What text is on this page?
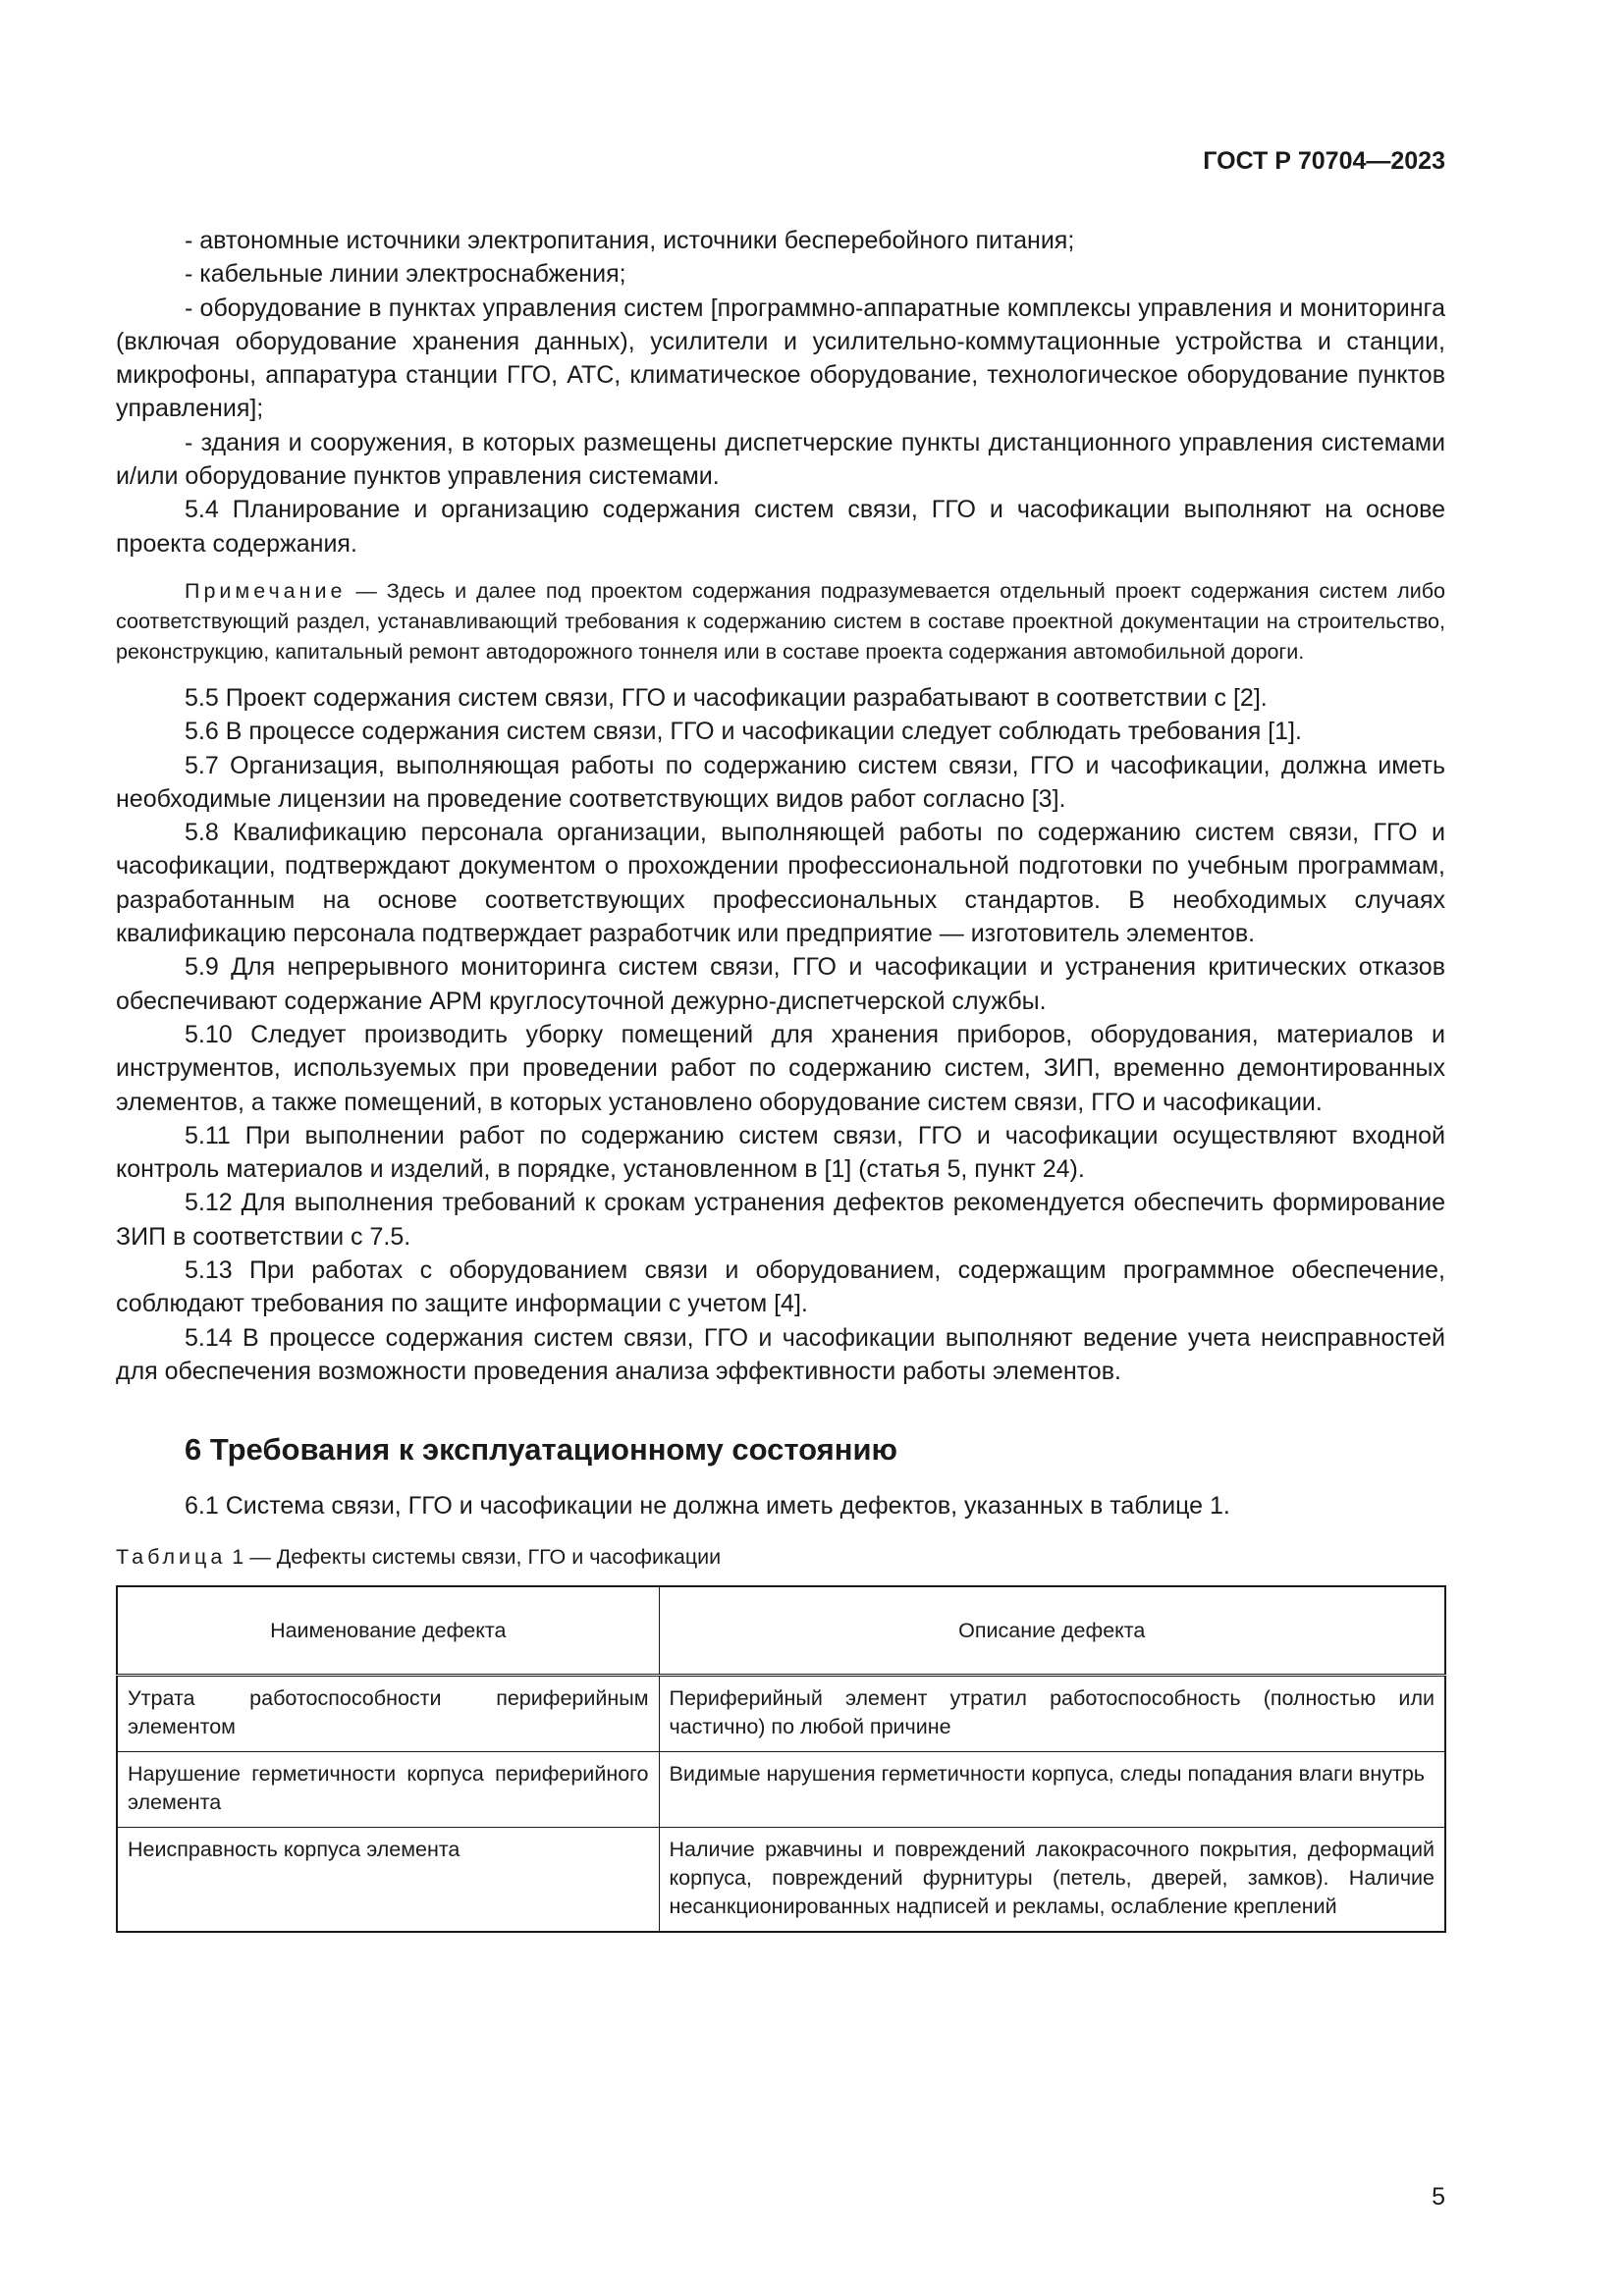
ГОСТ Р 70704—2023

- автономные источники электропитания, источники бесперебойного питания;

- кабельные линии электроснабжения;

- оборудование в пунктах управления систем [программно-аппаратные комплексы управления и мониторинга (включая оборудование хранения данных), усилители и усилительно-коммутационные устройства и станции, микрофоны, аппаратура станции ГГО, АТС, климатическое оборудование, технологическое оборудование пунктов управления];

- здания и сооружения, в которых размещены диспетчерские пункты дистанционного управления системами и/или оборудование пунктов управления системами.

5.4 Планирование и организацию содержания систем связи, ГГО и часофикации выполняют на основе проекта содержания.

Примечание — Здесь и далее под проектом содержания подразумевается отдельный проект содержания систем либо соответствующий раздел, устанавливающий требования к содержанию систем в составе проектной документации на строительство, реконструкцию, капитальный ремонт автодорожного тоннеля или в составе проекта содержания автомобильной дороги.

5.5 Проект содержания систем связи, ГГО и часофикации разрабатывают в соответствии с [2].

5.6 В процессе содержания систем связи, ГГО и часофикации следует соблюдать требования [1].

5.7 Организация, выполняющая работы по содержанию систем связи, ГГО и часофикации, должна иметь необходимые лицензии на проведение соответствующих видов работ согласно [3].

5.8 Квалификацию персонала организации, выполняющей работы по содержанию систем связи, ГГО и часофикации, подтверждают документом о прохождении профессиональной подготовки по учебным программам, разработанным на основе соответствующих профессиональных стандартов. В необходимых случаях квалификацию персонала подтверждает разработчик или предприятие — изготовитель элементов.

5.9 Для непрерывного мониторинга систем связи, ГГО и часофикации и устранения критических отказов обеспечивают содержание АРМ круглосуточной дежурно-диспетчерской службы.

5.10 Следует производить уборку помещений для хранения приборов, оборудования, материалов и инструментов, используемых при проведении работ по содержанию систем, ЗИП, временно демонтированных элементов, а также помещений, в которых установлено оборудование систем связи, ГГО и часофикации.

5.11 При выполнении работ по содержанию систем связи, ГГО и часофикации осуществляют входной контроль материалов и изделий, в порядке, установленном в [1] (статья 5, пункт 24).

5.12 Для выполнения требований к срокам устранения дефектов рекомендуется обеспечить формирование ЗИП в соответствии с 7.5.

5.13 При работах с оборудованием связи и оборудованием, содержащим программное обеспечение, соблюдают требования по защите информации с учетом [4].

5.14 В процессе содержания систем связи, ГГО и часофикации выполняют ведение учета неисправностей для обеспечения возможности проведения анализа эффективности работы элементов.

6 Требования к эксплуатационному состоянию

6.1 Система связи, ГГО и часофикации не должна иметь дефектов, указанных в таблице 1.

Таблица 1 — Дефекты системы связи, ГГО и часофикации

Наименование дефекта	Описание дефекта
Утрата работоспособности периферийным элементом	Периферийный элемент утратил работоспособность (полностью или частично) по любой причине
Нарушение герметичности корпуса периферийного элемента	Видимые нарушения герметичности корпуса, следы попадания влаги внутрь
Неисправность корпуса элемента	Наличие ржавчины и повреждений лакокрасочного покрытия, деформаций корпуса, повреждений фурнитуры (петель, дверей, замков). Наличие несанкционированных надписей и рекламы, ослабление креплений
5
